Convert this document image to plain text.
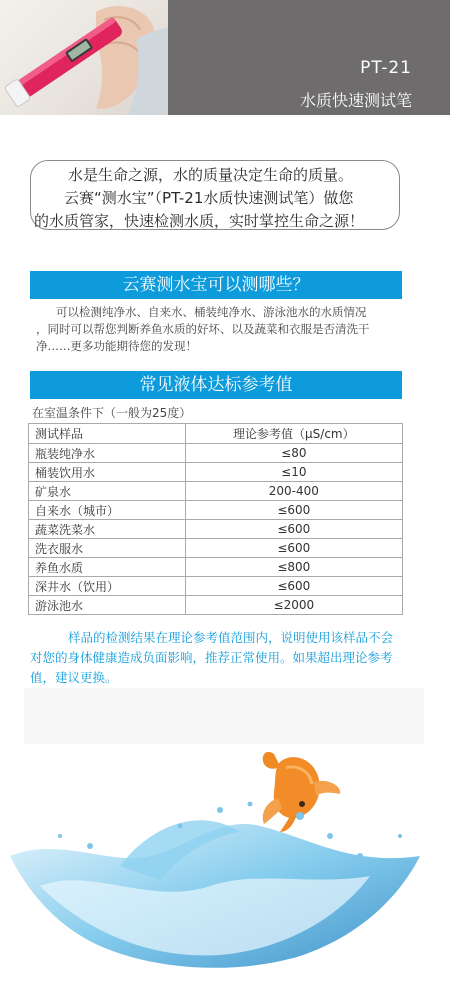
PT-21
水质快速测试笔
水是生命之源，水的质量决定生命的质量。
云赛“测水宝”（PT-21水质快速测试笔）做您
的水质管家，快速检测水质，实时掌控生命之源！
云赛测水宝可以测哪些？
可以检测纯净水、自来水、桶装纯净水、游泳池水的水质情况
，同时可以帮您判断养鱼水质的好坏、以及蔬菜和衣服是否清洗干
净……更多功能期待您的发现！
常见液体达标参考值
在室温条件下（一般为25度）
测试样品	理论参考值（μS/cm）
瓶装纯净水	≤80
桶装饮用水	≤10
矿泉水	200-400
自来水（城市）	≤600
蔬菜洗菜水	≤600
洗衣服水	≤600
养鱼水质	≤800
深井水（饮用）	≤600
游泳池水	≤2000
样品的检测结果在理论参考值范围内，说明使用该样品不会
对您的身体健康造成负面影响，推荐正常使用。如果超出理论参考
值，建议更换。
